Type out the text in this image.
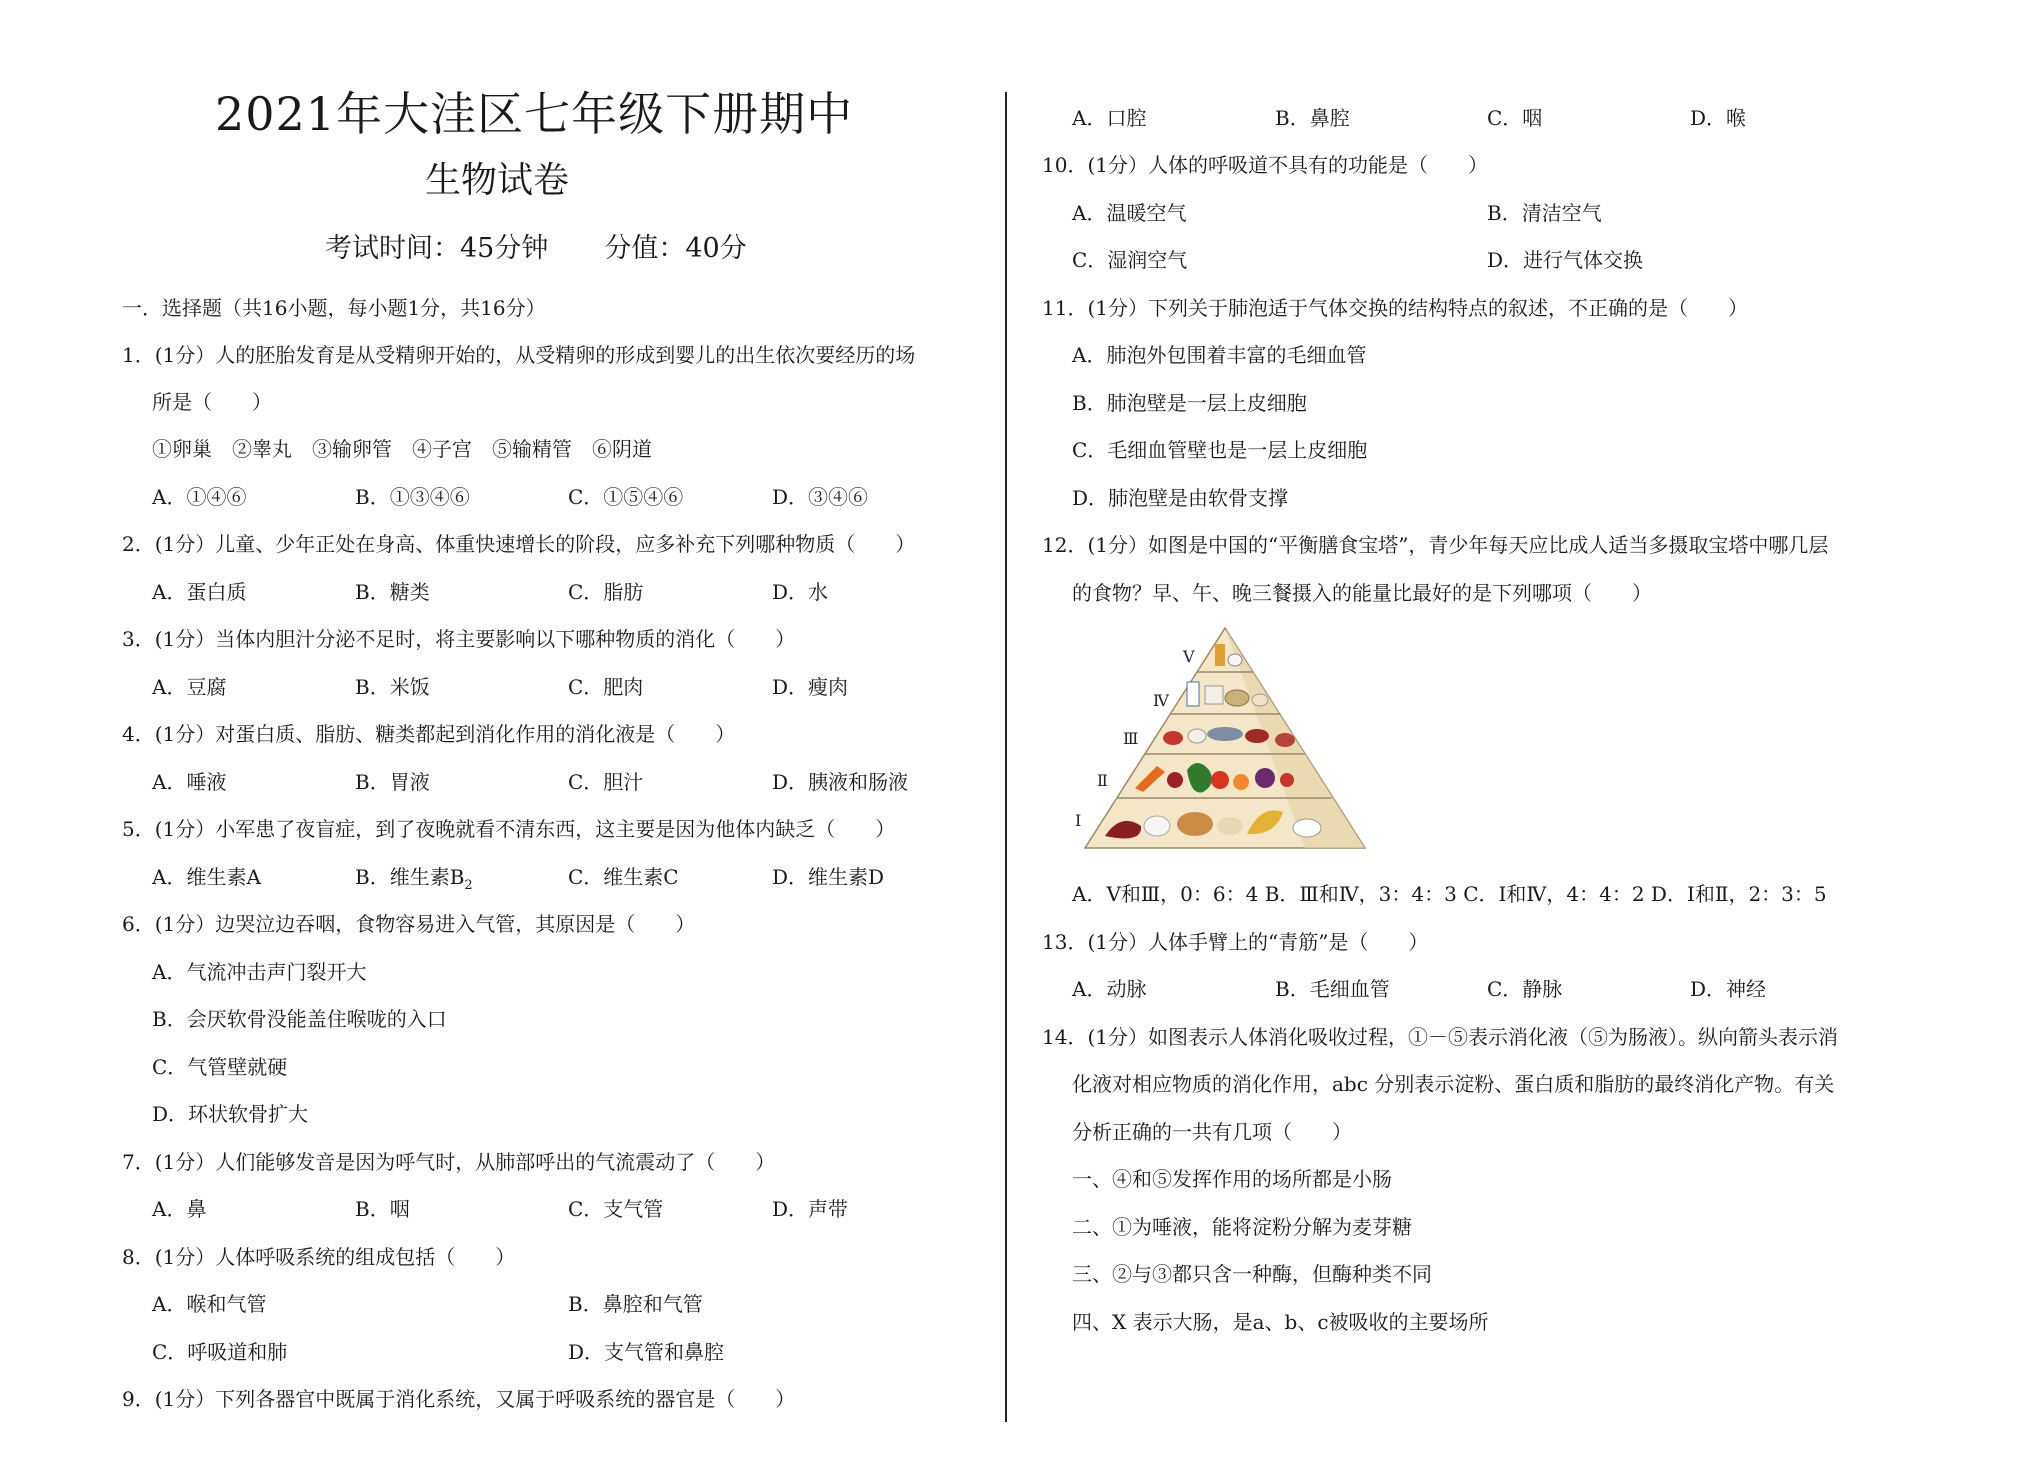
2021年大洼区七年级下册期中
生物试卷
考试时间：45分钟 分值：40分
一．选择题（共16小题，每小题1分，共16分）
1．(1分）人的胚胎发育是从受精卵开始的，从受精卵的形成到婴儿的出生依次要经历的场
所是（　　）
①卵巢　②睾丸　③输卵管　④子宫　⑤输精管　⑥阴道
A．①④⑥	B．①③④⑥	C．①⑤④⑥	D．③④⑥
2．(1分）儿童、少年正处在身高、体重快速增长的阶段，应多补充下列哪种物质（　　）
A．蛋白质	B．糖类	C．脂肪	D．水
3．(1分）当体内胆汁分泌不足时，将主要影响以下哪种物质的消化（　　）
A．豆腐	B．米饭	C．肥肉	D．瘦肉
4．(1分）对蛋白质、脂肪、糖类都起到消化作用的消化液是（　　）
A．唾液	B．胃液	C．胆汁	D．胰液和肠液
5．(1分）小军患了夜盲症，到了夜晚就看不清东西，这主要是因为他体内缺乏（　　）
A．维生素A	B．维生素$B_2$	C．维生素C	D．维生素D
6．(1分）边哭泣边吞咽，食物容易进入气管，其原因是（　　）
A．气流冲击声门裂开大
B．会厌软骨没能盖住喉咙的入口
C．气管壁就硬
D．环状软骨扩大
7．(1分）人们能够发音是因为呼气时，从肺部呼出的气流震动了（　　）
A．鼻	B．咽	C．支气管	D．声带
8．(1分）人体呼吸系统的组成包括（　　）
A．喉和气管	B．鼻腔和气管
C．呼吸道和肺	D．支气管和鼻腔
9．(1分）下列各器官中既属于消化系统，又属于呼吸系统的器官是（　　）
A．口腔	B．鼻腔	C．咽	D．喉
10．(1分）人体的呼吸道不具有的功能是（　　）
A．温暖空气	B．清洁空气
C．湿润空气	D．进行气体交换
11．(1分）下列关于肺泡适于气体交换的结构特点的叙述，不正确的是（　　）
A．肺泡外包围着丰富的毛细血管
B．肺泡壁是一层上皮细胞
C．毛细血管壁也是一层上皮细胞
D．肺泡壁是由软骨支撑
12．(1分）如图是中国的“平衡膳食宝塔”，青少年每天应比成人适当多摄取宝塔中哪几层
的食物？早、午、晚三餐摄入的能量比最好的是下列哪项（　　）
Ⅴ
Ⅳ
Ⅲ
Ⅱ
Ⅰ
A．Ⅴ和Ⅲ，0：6：4 B．Ⅲ和Ⅳ，3：4：3 C．Ⅰ和Ⅳ，4：4：2 D．Ⅰ和Ⅱ，2：3：5
13．(1分）人体手臂上的“青筋”是（　　）
A．动脉	B．毛细血管	C．静脉	D．神经
14．(1分）如图表示人体消化吸收过程，①－⑤表示消化液（⑤为肠液）。纵向箭头表示消
化液对相应物质的消化作用，abc 分别表示淀粉、蛋白质和脂肪的最终消化产物。有关
分析正确的一共有几项（　　）
一、④和⑤发挥作用的场所都是小肠
二、①为唾液，能将淀粉分解为麦芽糖
三、②与③都只含一种酶，但酶种类不同
四、X 表示大肠，是a、b、c被吸收的主要场所
